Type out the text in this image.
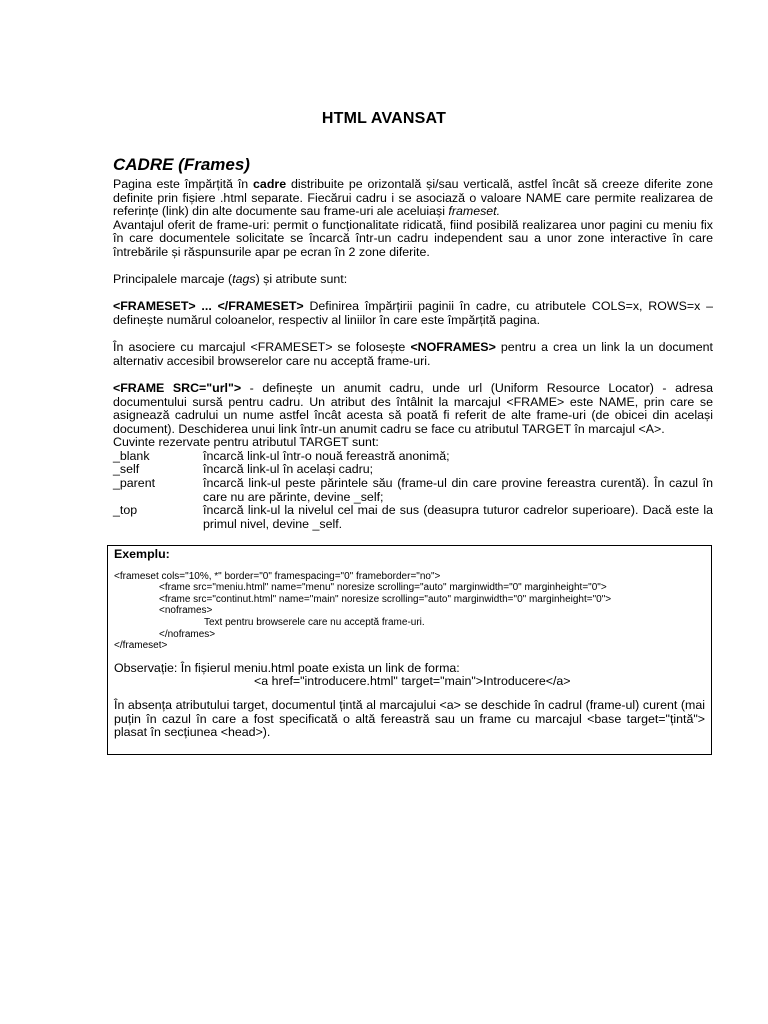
HTML AVANSAT
CADRE (Frames)

Pagina este împărțită în cadre distribuite pe orizontală și/sau verticală, astfel încât să creeze diferite zone definite prin fișiere .html separate. Fiecărui cadru i se asociază o valoare NAME care permite realizarea de referințe (link) din alte documente sau frame-uri ale aceluiași frameset.

Avantajul oferit de frame-uri: permit o funcționalitate ridicată, fiind posibilă realizarea unor pagini cu meniu fix în care documentele solicitate se încarcă într-un cadru independent sau a unor zone interactive în care întrebările și răspunsurile apar pe ecran în 2 zone diferite.

Principalele marcaje (tags) și atribute sunt:

<FRAMESET> ... </FRAMESET> Definirea împărțirii paginii în cadre, cu atributele COLS=x, ROWS=x – definește numărul coloanelor, respectiv al liniilor în care este împărțită pagina.

În asociere cu marcajul <FRAMESET> se folosește <NOFRAMES> pentru a crea un link la un document alternativ accesibil browserelor care nu acceptă frame-uri.

<FRAME SRC="url"> - definește un anumit cadru, unde url (Uniform Resource Locator) - adresa documentului sursă pentru cadru. Un atribut des întâlnit la marcajul <FRAME> este NAME, prin care se asignează cadrului un nume astfel încât acesta să poată fi referit de alte frame-uri (de obicei din același document). Deschiderea unui link într-un anumit cadru se face cu atributul TARGET în marcajul <A>.

Cuvinte rezervate pentru atributul TARGET sunt:

_blank	încarcă link-ul într-o nouă fereastră anonimă;
_self	încarcă link-ul în același cadru;
_parent	încarcă link-ul peste părintele său (frame-ul din care provine fereastra curentă). În cazul în care nu are părinte, devine _self;
_top	încarcă link-ul la nivelul cel mai de sus (deasupra tuturor cadrelor superioare). Dacă este la primul nivel, devine _self.
Exemplu:
<frameset cols="10%, *" border="0" framespacing="0" frameborder="no">
<frame src="meniu.html" name="menu" noresize scrolling="auto" marginwidth="0" marginheight="0">
<frame src="continut.html" name="main" noresize scrolling="auto" marginwidth="0" marginheight="0">
<noframes>
Text pentru browserele care nu acceptă frame-uri.
</noframes>
</frameset>
Observație: În fișierul meniu.html poate exista un link de forma:
<a href="introducere.html" target="main">Introducere</a>
În absența atributului target, documentul țintă al marcajului <a> se deschide în cadrul (frame-ul) curent (mai puțin în cazul în care a fost specificată o altă fereastră sau un frame cu marcajul <base target="țintă"> plasat în secțiunea <head>).
